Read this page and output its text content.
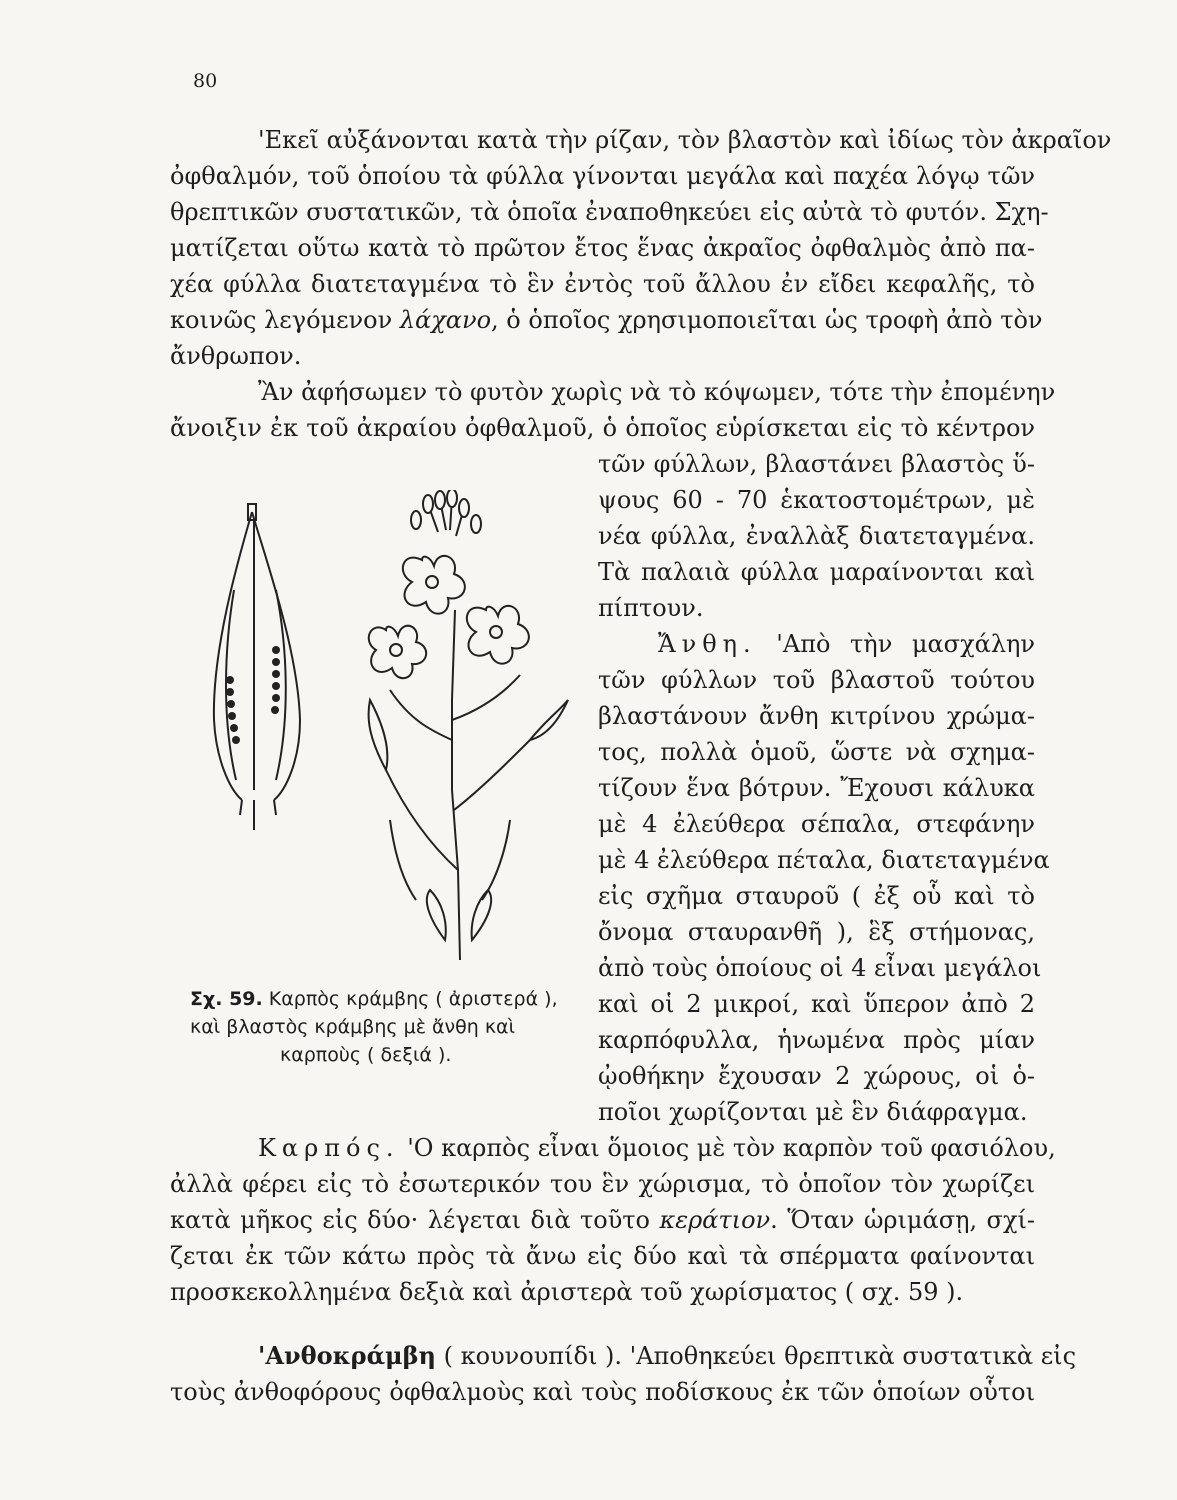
80
'Εκεῖ αὐξάνονται κατὰ τὴν ρίζαν, τὸν βλαστὸν καὶ ἰδίως τὸν ἀκραῖον
ὀφθαλμόν, τοῦ ὁποίου τὰ φύλλα γίνονται μεγάλα καὶ παχέα λόγῳ τῶν
θρεπτικῶν συστατικῶν, τὰ ὁποῖα ἐναποθηκεύει εἰς αὐτὰ τὸ φυτόν. Σχη-
ματίζεται οὕτω κατὰ τὸ πρῶτον ἔτος ἕνας ἀκραῖος ὀφθαλμὸς ἀπὸ πα-
χέα φύλλα διατεταγμένα τὸ ἓν ἐντὸς τοῦ ἄλλου ἐν εἴδει κεφαλῆς, τὸ
κοινῶς λεγόμενον λάχανο, ὁ ὁποῖος χρησιμοποιεῖται ὡς τροφὴ ἀπὸ τὸν
ἄνθρωπον.
Ἂν ἀφήσωμεν τὸ φυτὸν χωρὶς νὰ τὸ κόψωμεν, τότε τὴν ἐπομένην
ἄνοιξιν ἐκ τοῦ ἀκραίου ὀφθαλμοῦ, ὁ ὁποῖος εὑρίσκεται εἰς τὸ κέντρον
τῶν φύλλων, βλαστάνει βλαστὸς ὕ-
ψους 60 - 70 ἑκατοστομέτρων, μὲ
νέα φύλλα, ἐναλλὰξ διατεταγμένα.
Τὰ παλαιὰ φύλλα μαραίνονται καὶ
πίπτουν.
Ἄνθη. 'Απὸ τὴν μασχάλην
τῶν φύλλων τοῦ βλαστοῦ τούτου
βλαστάνουν ἄνθη κιτρίνου χρώμα-
τος, πολλὰ ὁμοῦ, ὥστε νὰ σχημα-
τίζουν ἕνα βότρυν. Ἔχουσι κάλυκα
μὲ 4 ἐλεύθερα σέπαλα, στεφάνην
μὲ 4 ἐλεύθερα πέταλα, διατεταγμένα
εἰς σχῆμα σταυροῦ ( ἐξ οὗ καὶ τὸ
ὄνομα σταυρανθῆ ), ἓξ στήμονας,
ἀπὸ τοὺς ὁποίους οἱ 4 εἶναι μεγάλοι
καὶ οἱ 2 μικροί, καὶ ὕπερον ἀπὸ 2
καρπόφυλλα, ἡνωμένα πρὸς μίαν
ᾠοθήκην ἔχουσαν 2 χώρους, οἱ ὁ-
ποῖοι χωρίζονται μὲ ἓν διάφραγμα.
Σχ. 59. Καρπὸς κράμβης ( ἀριστερά ),
καὶ βλαστὸς κράμβης μὲ ἄνθη καὶ
καρποὺς ( δεξιά ).
Καρπός. 'Ο καρπὸς εἶναι ὅμοιος μὲ τὸν καρπὸν τοῦ φασιόλου,
ἀλλὰ φέρει εἰς τὸ ἐσωτερικόν του ἓν χώρισμα, τὸ ὁποῖον τὸν χωρίζει
κατὰ μῆκος εἰς δύο· λέγεται διὰ τοῦτο κεράτιον. Ὅταν ὡριμάσῃ, σχί-
ζεται ἐκ τῶν κάτω πρὸς τὰ ἄνω εἰς δύο καὶ τὰ σπέρματα φαίνονται
προσκεκολλημένα δεξιὰ καὶ ἀριστερὰ τοῦ χωρίσματος ( σχ. 59 ).
'Ανθοκράμβη ( κουνουπίδι ). 'Αποθηκεύει θρεπτικὰ συστατικὰ εἰς
τοὺς ἀνθοφόρους ὀφθαλμοὺς καὶ τοὺς ποδίσκους ἐκ τῶν ὁποίων οὗτοι
